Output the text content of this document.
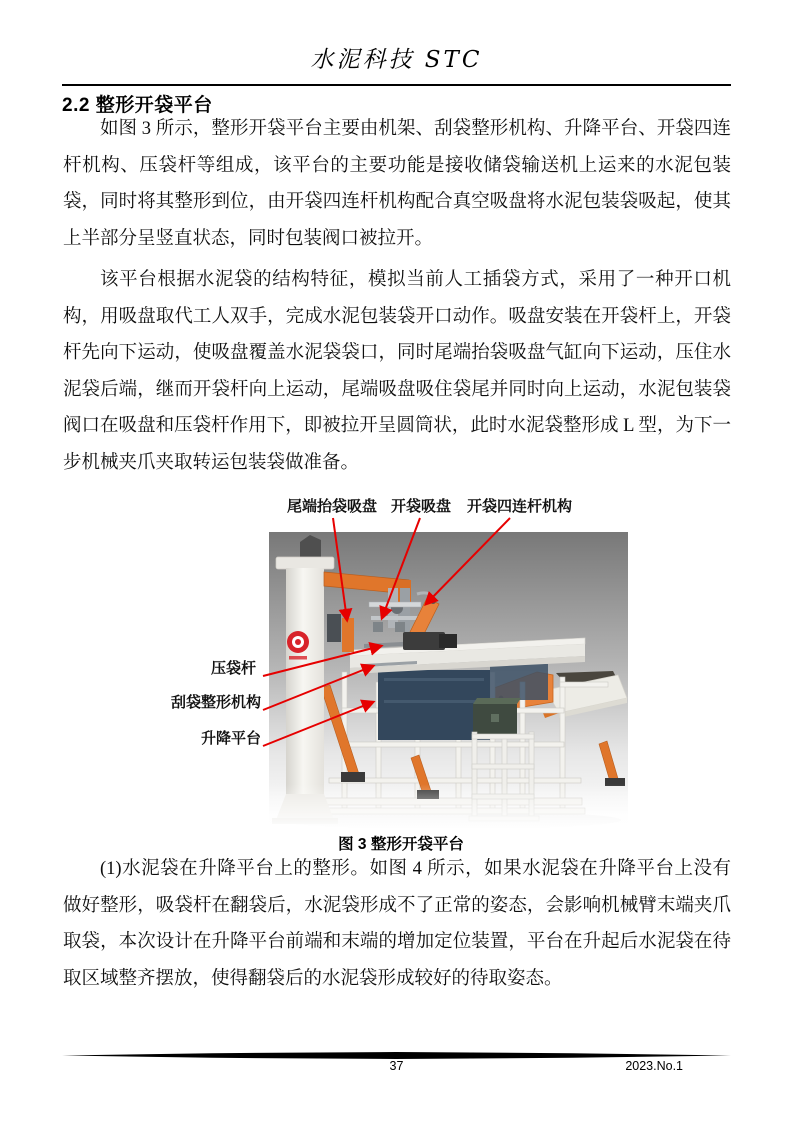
水泥科技 STC
2.2 整形开袋平台
如图 3 所示，整形开袋平台主要由机架、刮袋整形机构、升降平台、开袋四连杆机构、压袋杆等组成，该平台的主要功能是接收储袋输送机上运来的水泥包装袋，同时将其整形到位，由开袋四连杆机构配合真空吸盘将水泥包装袋吸起，使其上半部分呈竖直状态，同时包装阀口被拉开。
该平台根据水泥袋的结构特征，模拟当前人工插袋方式，采用了一种开口机构，用吸盘取代工人双手，完成水泥包装袋开口动作。吸盘安装在开袋杆上，开袋杆先向下运动，使吸盘覆盖水泥袋袋口，同时尾端抬袋吸盘气缸向下运动，压住水泥袋后端，继而开袋杆向上运动，尾端吸盘吸住袋尾并同时向上运动，水泥包装袋阀口在吸盘和压袋杆作用下，即被拉开呈圆筒状，此时水泥袋整形成 L 型，为下一步机械夹爪夹取转运包装袋做准备。
(1)水泥袋在升降平台上的整形。如图 4 所示，如果水泥袋在升降平台上没有做好整形，吸袋杆在翻袋后，水泥袋形成不了正常的姿态，会影响机械臂末端夹爪取袋，本次设计在升降平台前端和末端的增加定位装置，平台在升起后水泥袋在待取区域整齐摆放，使得翻袋后的水泥袋形成较好的待取姿态。
尾端抬袋吸盘 开袋吸盘 开袋四连杆机构
压袋杆
刮袋整形机构
升降平台
图 3 整形开袋平台
37	2023.No.1
